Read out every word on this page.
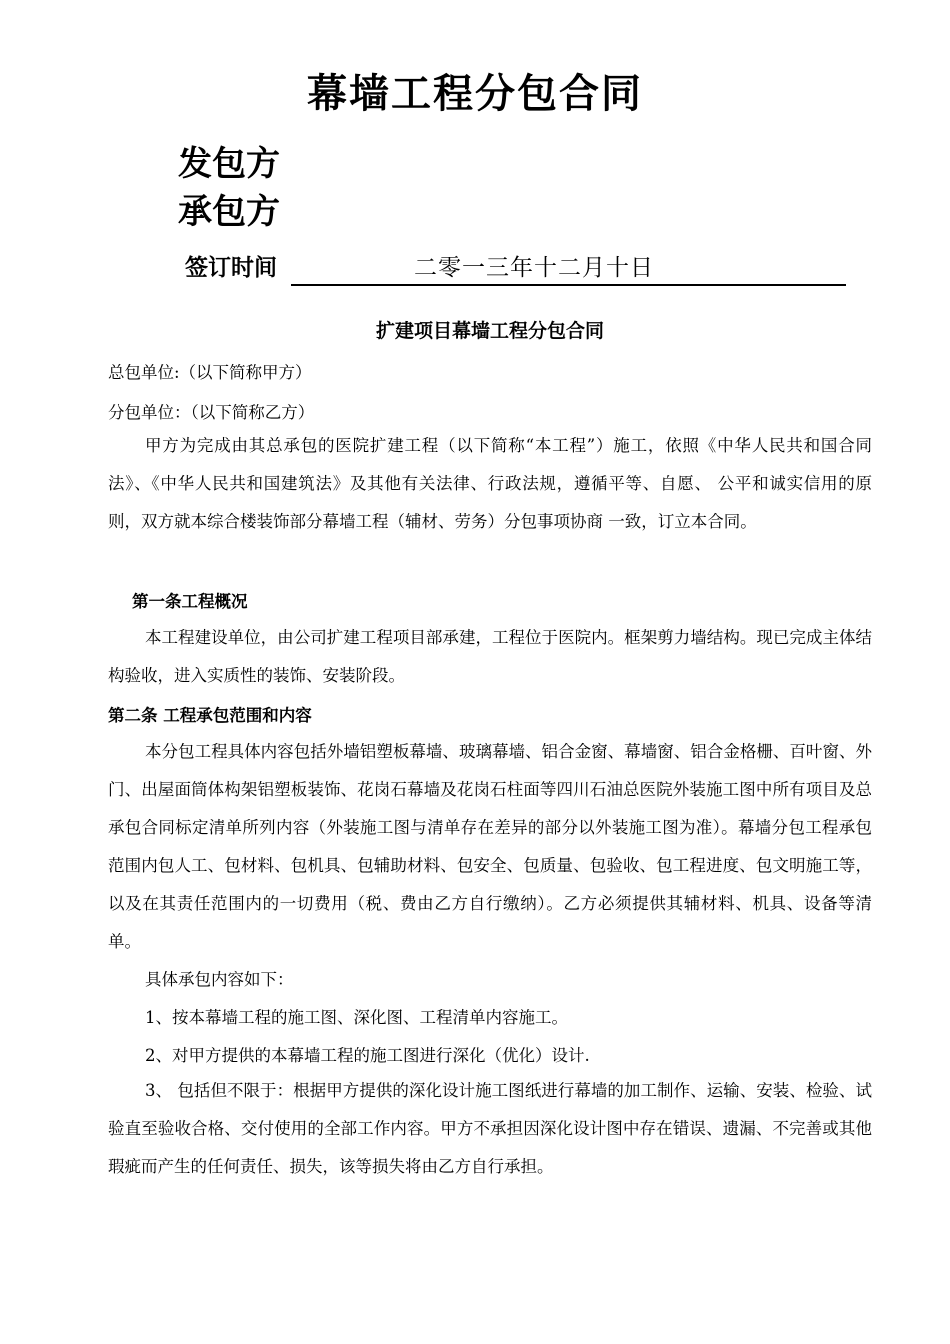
幕墙工程分包合同
发包方
承包方
签订时间	二零一三年十二月十日
扩建项目幕墙工程分包合同

总包单位:（以下简称甲方）

分包单位：（以下简称乙方）

甲方为完成由其总承包的医院扩建工程（以下简称“本工程”）施工，依照《中华人民共和国合同法》、《中华人民共和国建筑法》及其他有关法律、行政法规，遵循平等、自愿、 公平和诚实信用的原则，双方就本综合楼装饰部分幕墙工程（辅材、劳务）分包事项协商 一致，订立本合同。

第一条工程概况

本工程建设单位，由公司扩建工程项目部承建，工程位于医院内。框架剪力墙结构。现已完成主体结构验收，进入实质性的装饰、安装阶段。

第二条 工程承包范围和内容

本分包工程具体内容包括外墙铝塑板幕墙、玻璃幕墙、铝合金窗、幕墙窗、铝合金格栅、百叶窗、外门、出屋面筒体构架铝塑板装饰、花岗石幕墙及花岗石柱面等四川石油总医院外装施工图中所有项目及总承包合同标定清单所列内容（外装施工图与清单存在差异的部分以外装施工图为准）。幕墙分包工程承包范围内包人工、包材料、包机具、包辅助材料、包安全、包质量、包验收、包工程进度、包文明施工等，以及在其责任范围内的一切费用（税、费由乙方自行缴纳）。乙方必须提供其辅材料、机具、设备等清单。

具体承包内容如下：

1、按本幕墙工程的施工图、深化图、工程清单内容施工。

2、对甲方提供的本幕墙工程的施工图进行深化（优化）设计.

3、 包括但不限于：根据甲方提供的深化设计施工图纸进行幕墙的加工制作、运输、安装、检验、试验直至验收合格、交付使用的全部工作内容。甲方不承担因深化设计图中存在错误、遗漏、不完善或其他瑕疵而产生的任何责任、损失，该等损失将由乙方自行承担。
